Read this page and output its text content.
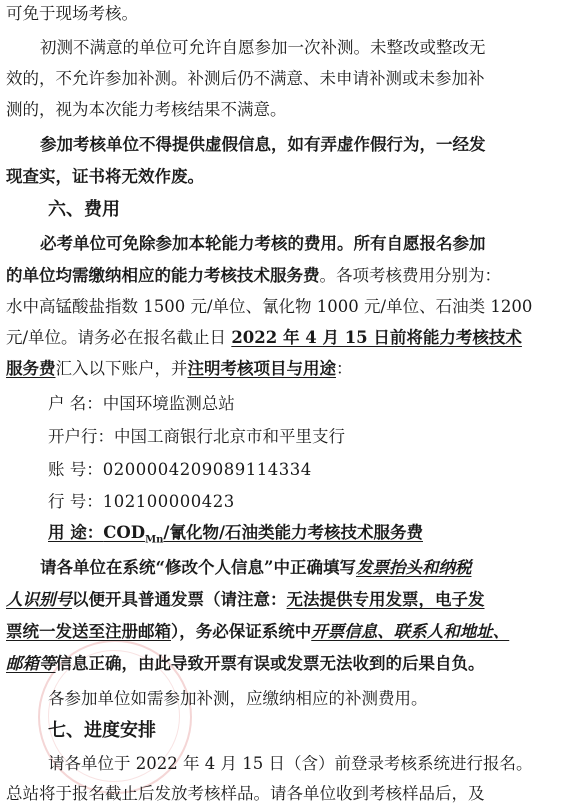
可免于现场考核。
初测不满意的单位可允许自愿参加一次补测。未整改或整改无
效的，不允许参加补测。补测后仍不满意、未申请补测或未参加补
测的，视为本次能力考核结果不满意。
参加考核单位不得提供虚假信息，如有弄虚作假行为，一经发
现查实，证书将无效作废。
六、费用
必考单位可免除参加本轮能力考核的费用。所有自愿报名参加
的单位均需缴纳相应的能力考核技术服务费。各项考核费用分别为：
水中高锰酸盐指数 1500 元/单位、氰化物 1000 元/单位、石油类 1200
元/单位。请务必在报名截止日 2022 年 4 月 15 日前将能力考核技术
服务费汇入以下账户，并注明考核项目与用途：
户 名：中国环境监测总站
开户行：中国工商银行北京市和平里支行
账 号：0200004209089114334
行 号：102100000423
用 途：$COD_{Mn}/$氰化物/石油类能力考核技术服务费
请各单位在系统“修改个人信息”中正确填写发票抬头和纳税
人识别号以便开具普通发票（请注意：无法提供专用发票，电子发
票统一发送至注册邮箱），务必保证系统中开票信息、联系人和地址、
邮箱等信息正确，由此导致开票有误或发票无法收到的后果自负。
各参加单位如需参加补测，应缴纳相应的补测费用。
七、进度安排
请各单位于 2022 年 4 月 15 日（含）前登录考核系统进行报名。
总站将于报名截止后发放考核样品。请各单位收到考核样品后，及
